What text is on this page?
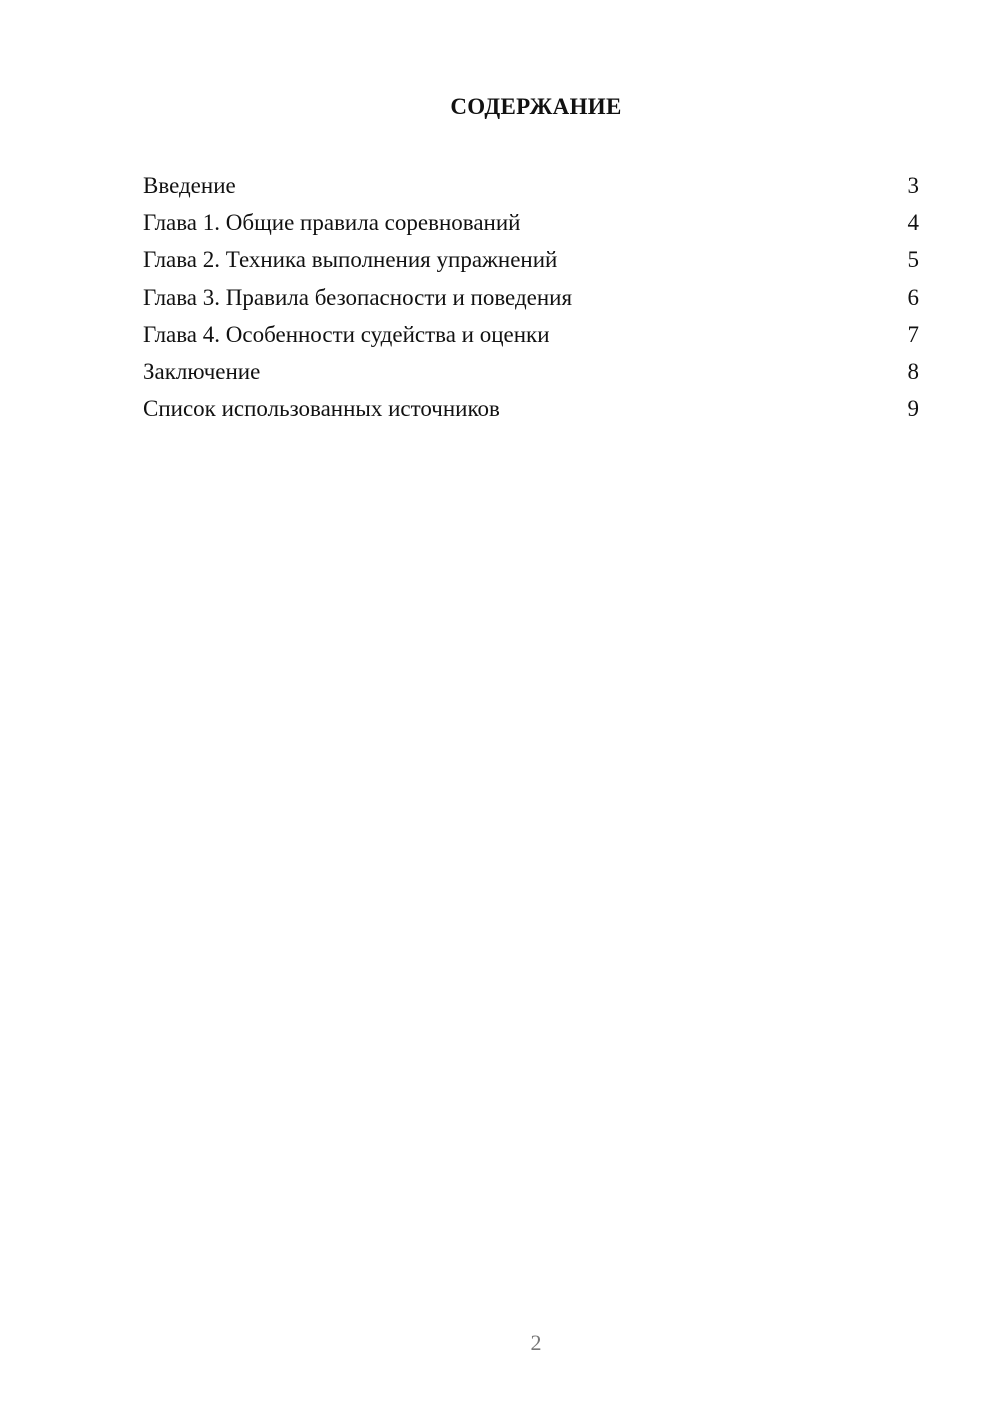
СОДЕРЖАНИЕ
Введение	3
Глава 1. Общие правила соревнований	4
Глава 2. Техника выполнения упражнений	5
Глава 3. Правила безопасности и поведения	6
Глава 4. Особенности судейства и оценки	7
Заключение	8
Список использованных источников	9
2
